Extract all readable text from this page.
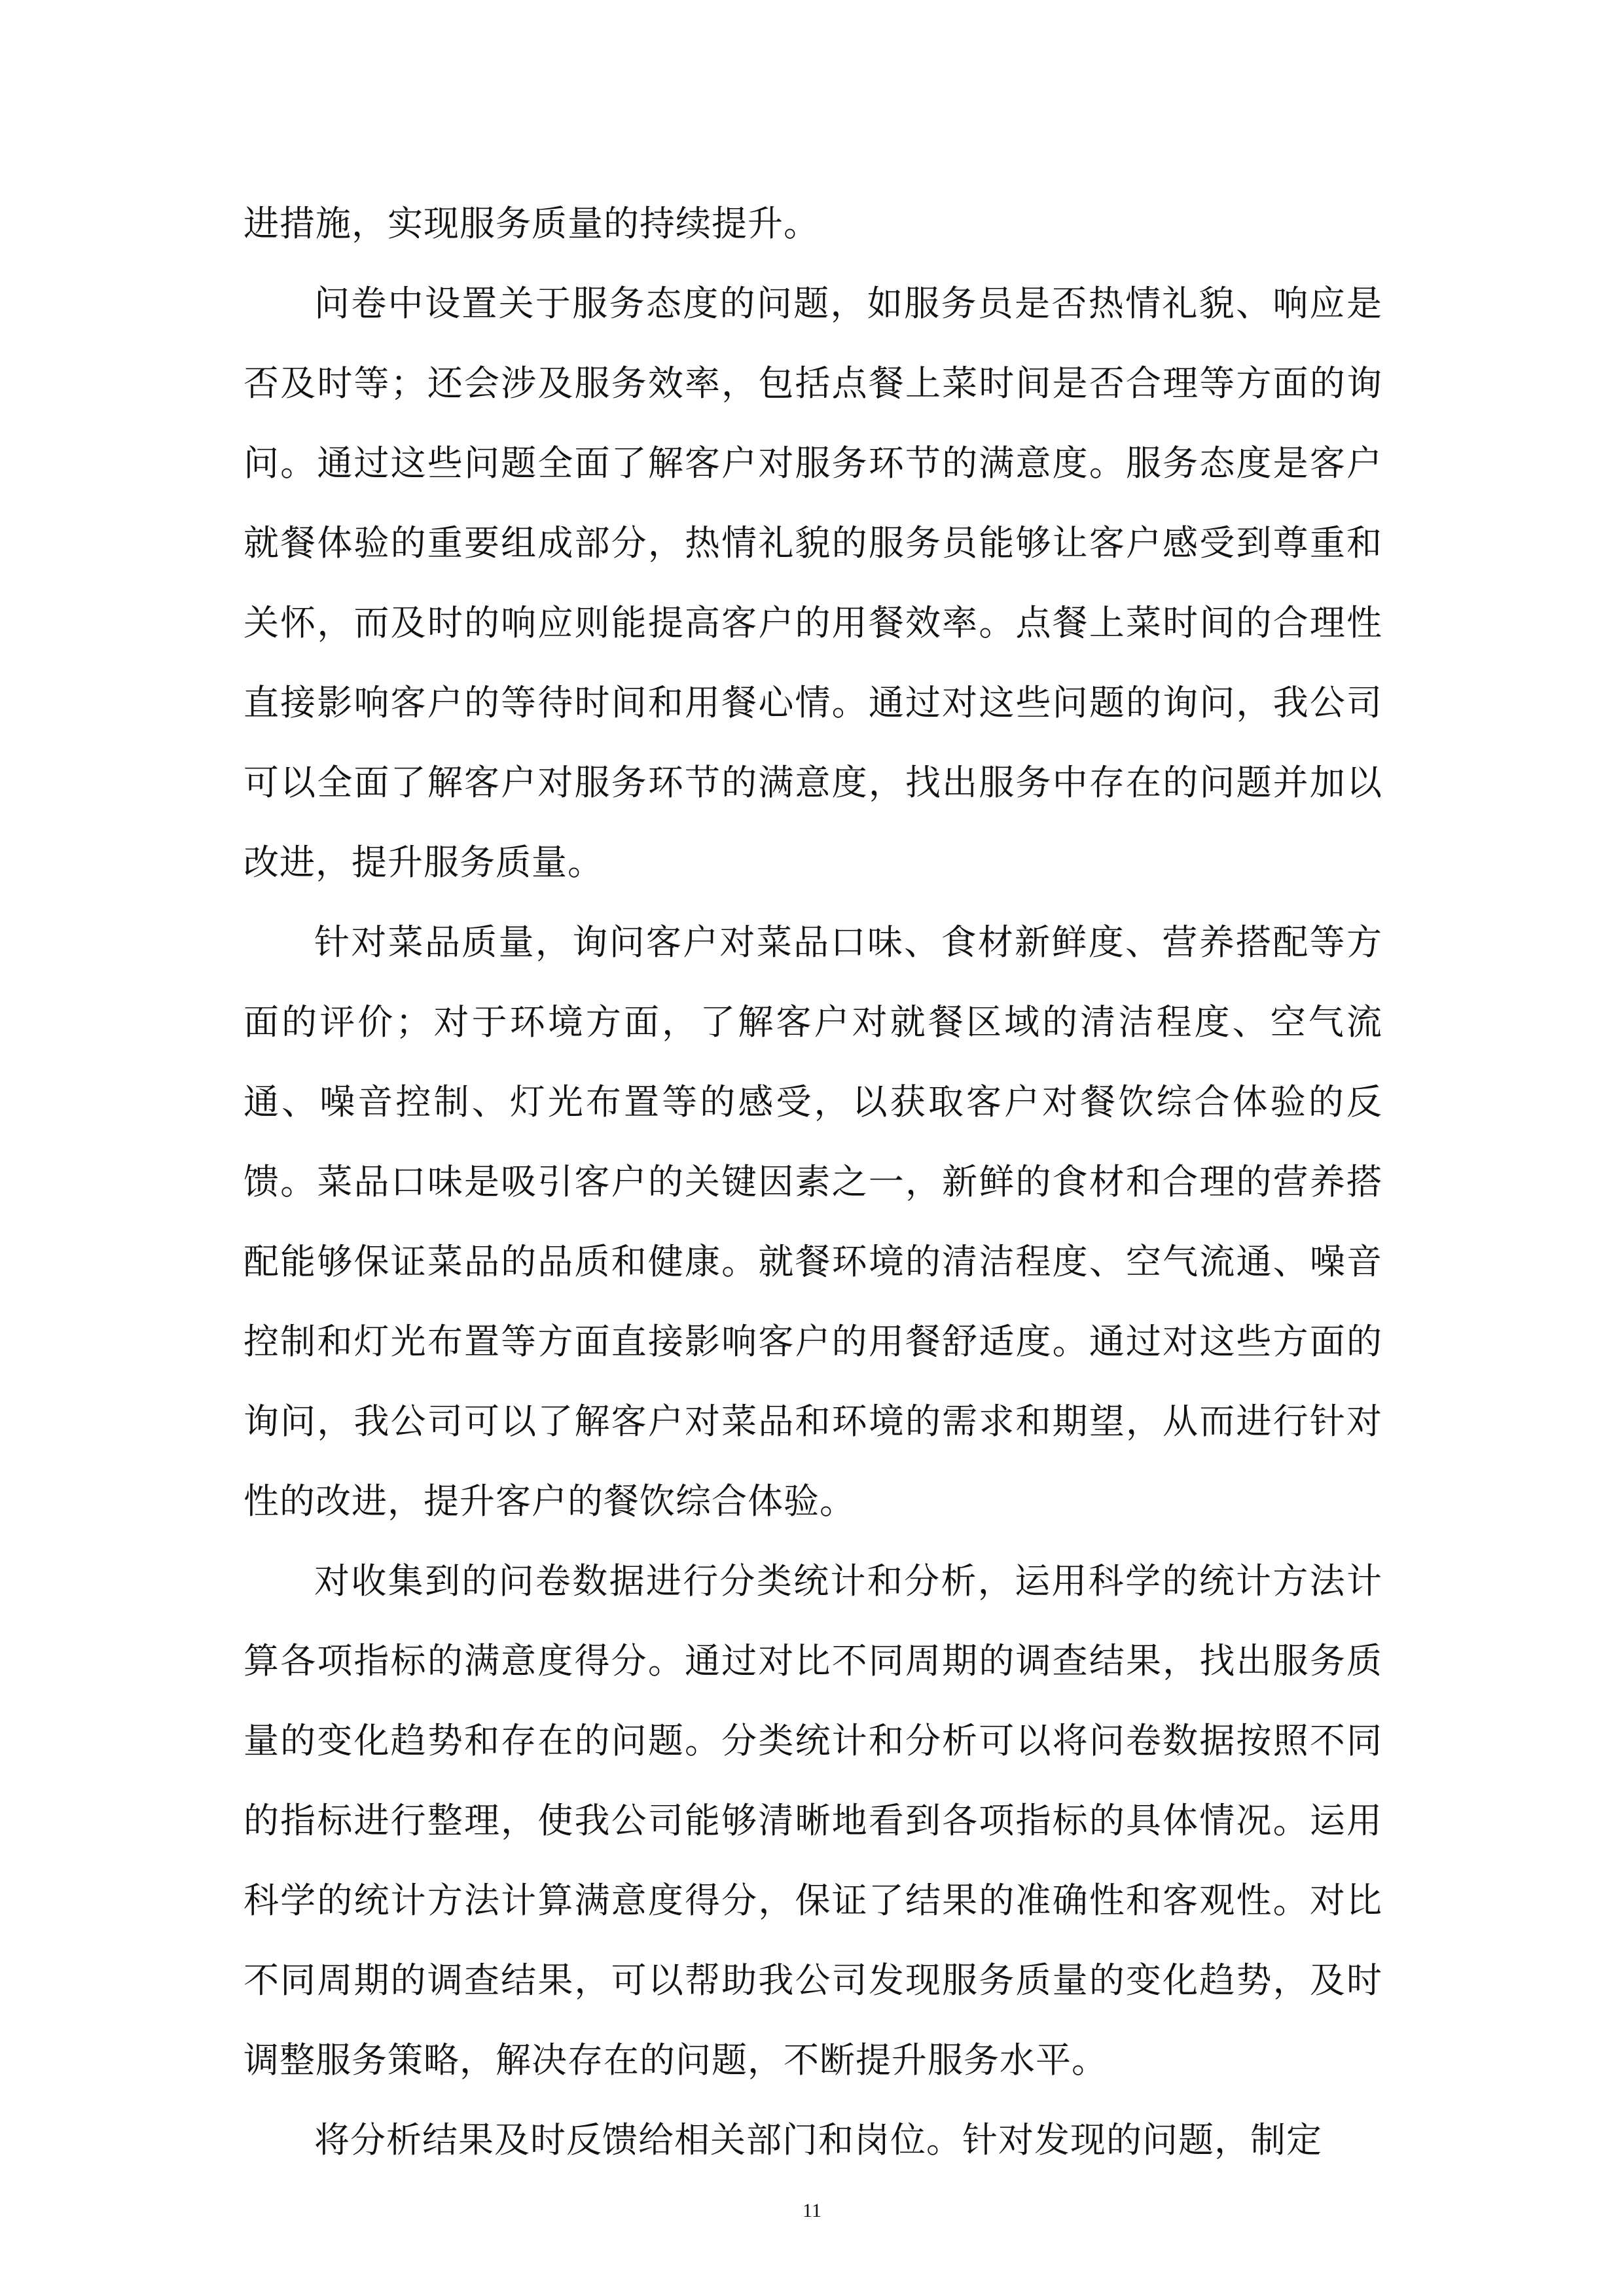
进措施，实现服务质量的持续提升。

问卷中设置关于服务态度的问题，如服务员是否热情礼貌、响应是否及时等；还会涉及服务效率，包括点餐上菜时间是否合理等方面的询问。通过这些问题全面了解客户对服务环节的满意度。服务态度是客户就餐体验的重要组成部分，热情礼貌的服务员能够让客户感受到尊重和关怀，而及时的响应则能提高客户的用餐效率。点餐上菜时间的合理性直接影响客户的等待时间和用餐心情。通过对这些问题的询问，我公司可以全面了解客户对服务环节的满意度，找出服务中存在的问题并加以改进，提升服务质量。

针对菜品质量，询问客户对菜品口味、食材新鲜度、营养搭配等方面的评价；对于环境方面，了解客户对就餐区域的清洁程度、空气流通、噪音控制、灯光布置等的感受，以获取客户对餐饮综合体验的反馈。菜品口味是吸引客户的关键因素之一，新鲜的食材和合理的营养搭配能够保证菜品的品质和健康。就餐环境的清洁程度、空气流通、噪音控制和灯光布置等方面直接影响客户的用餐舒适度。通过对这些方面的询问，我公司可以了解客户对菜品和环境的需求和期望，从而进行针对性的改进，提升客户的餐饮综合体验。

对收集到的问卷数据进行分类统计和分析，运用科学的统计方法计算各项指标的满意度得分。通过对比不同周期的调查结果，找出服务质量的变化趋势和存在的问题。分类统计和分析可以将问卷数据按照不同的指标进行整理，使我公司能够清晰地看到各项指标的具体情况。运用科学的统计方法计算满意度得分，保证了结果的准确性和客观性。对比不同周期的调查结果，可以帮助我公司发现服务质量的变化趋势，及时调整服务策略，解决存在的问题，不断提升服务水平。

将分析结果及时反馈给相关部门和岗位。针对发现的问题，制定

11
